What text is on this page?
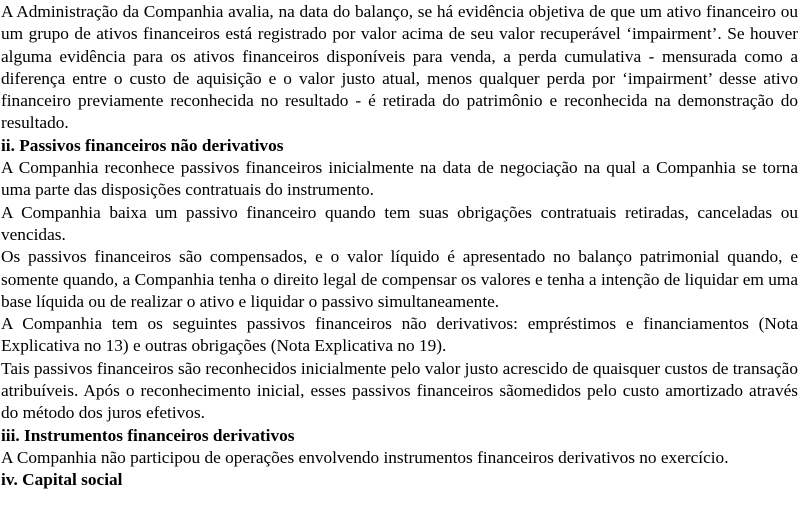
A Administração da Companhia avalia, na data do balanço, se há evidência objetiva de que um ativo financeiro ou um grupo de ativos financeiros está registrado por valor acima de seu valor recuperável ‘impairment’. Se houver alguma evidência para os ativos financeiros disponíveis para venda, a perda cumulativa - mensurada como a diferença entre o custo de aquisição e o valor justo atual, menos qualquer perda por ‘impairment’ desse ativo financeiro previamente reconhecida no resultado - é retirada do patrimônio e reconhecida na demonstração do resultado.

ii. Passivos financeiros não derivativos

A Companhia reconhece passivos financeiros inicialmente na data de negociação na qual a Companhia se torna uma parte das disposições contratuais do instrumento.

A Companhia baixa um passivo financeiro quando tem suas obrigações contratuais retiradas, canceladas ou vencidas.

Os passivos financeiros são compensados, e o valor líquido é apresentado no balanço patrimonial quando, e somente quando, a Companhia tenha o direito legal de compensar os valores e tenha a intenção de liquidar em uma base líquida ou de realizar o ativo e liquidar o passivo simultaneamente.

A Companhia tem os seguintes passivos financeiros não derivativos: empréstimos e financiamentos (Nota Explicativa no 13) e outras obrigações (Nota Explicativa no 19).

Tais passivos financeiros são reconhecidos inicialmente pelo valor justo acrescido de quaisquer custos de transação atribuíveis. Após o reconhecimento inicial, esses passivos financeiros sãomedidos pelo custo amortizado através do método dos juros efetivos.

iii. Instrumentos financeiros derivativos

A Companhia não participou de operações envolvendo instrumentos financeiros derivativos no exercício.

iv. Capital social
